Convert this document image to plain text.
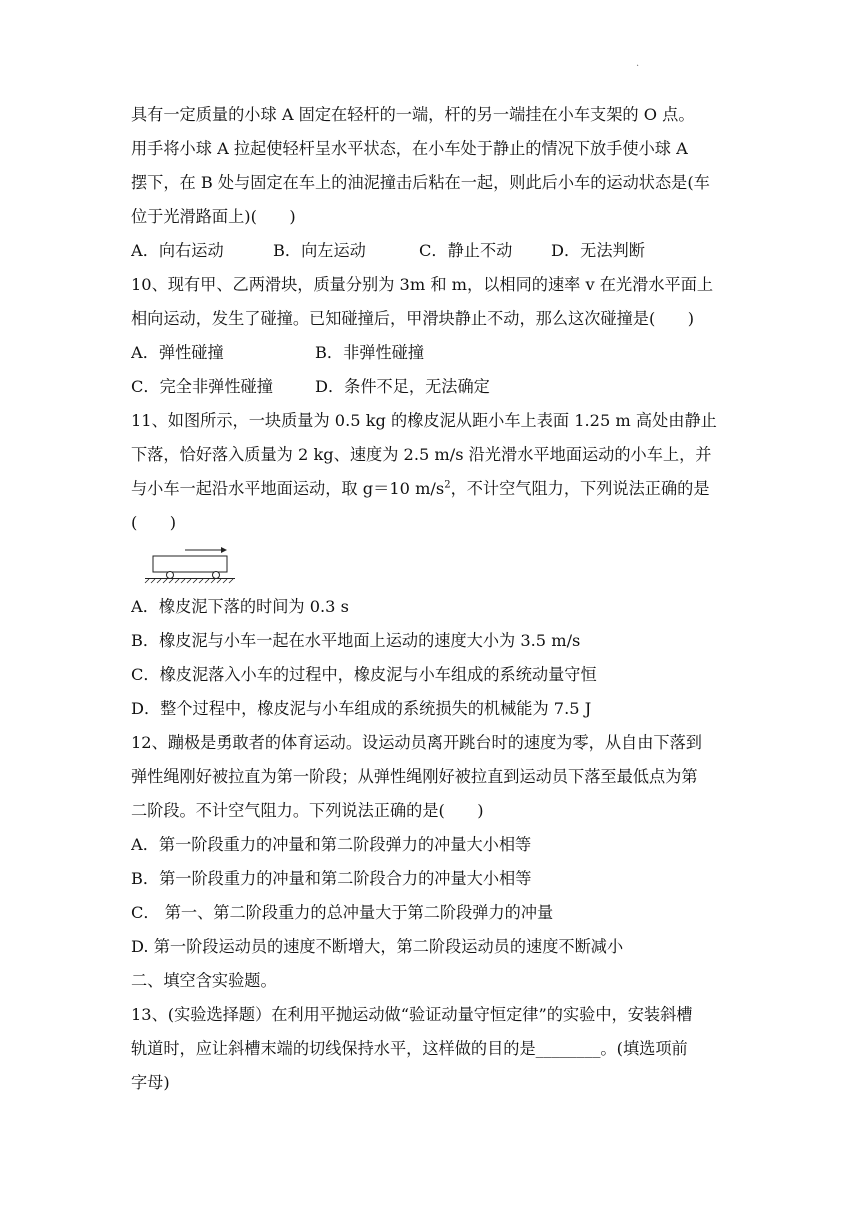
.
具有一定质量的小球 A 固定在轻杆的一端，杆的另一端挂在小车支架的 O 点。
用手将小球 A 拉起使轻杆呈水平状态，在小车处于静止的情况下放手使小球 A
摆下，在 B 处与固定在车上的油泥撞击后粘在一起，则此后小车的运动状态是(车
位于光滑路面上)(　　)
A．向右运动	B．向左运动	C．静止不动	D．无法判断
10、现有甲、乙两滑块，质量分别为 3m 和 m，以相同的速率 v 在光滑水平面上
相向运动，发生了碰撞。已知碰撞后，甲滑块静止不动，那么这次碰撞是(　　)
A．弹性碰撞	B．非弹性碰撞
C．完全非弹性碰撞	D．条件不足，无法确定
11、如图所示，一块质量为 0.5 kg 的橡皮泥从距小车上表面 1.25 m 高处由静止
下落，恰好落入质量为 2 kg、速度为 2.5 m/s 沿光滑水平地面运动的小车上，并
与小车一起沿水平地面运动，取 g＝10 $m/s^2$，不计空气阻力，下列说法正确的是
(　　)
A．橡皮泥下落的时间为 0.3 s
B．橡皮泥与小车一起在水平地面上运动的速度大小为 3.5 m/s
C．橡皮泥落入小车的过程中，橡皮泥与小车组成的系统动量守恒
D．整个过程中，橡皮泥与小车组成的系统损失的机械能为 7.5 J
12、蹦极是勇敢者的体育运动。设运动员离开跳台时的速度为零，从自由下落到
弹性绳刚好被拉直为第一阶段；从弹性绳刚好被拉直到运动员下落至最低点为第
二阶段。不计空气阻力。下列说法正确的是(　　)
A．第一阶段重力的冲量和第二阶段弹力的冲量大小相等
B．第一阶段重力的冲量和第二阶段合力的冲量大小相等
C． 第一、第二阶段重力的总冲量大于第二阶段弹力的冲量
D. 第一阶段运动员的速度不断增大，第二阶段运动员的速度不断减小
二、填空含实验题。
13、(实验选择题）在利用平抛运动做“验证动量守恒定律”的实验中，安装斜槽
轨道时，应让斜槽末端的切线保持水平，这样做的目的是________。(填选项前
字母)
